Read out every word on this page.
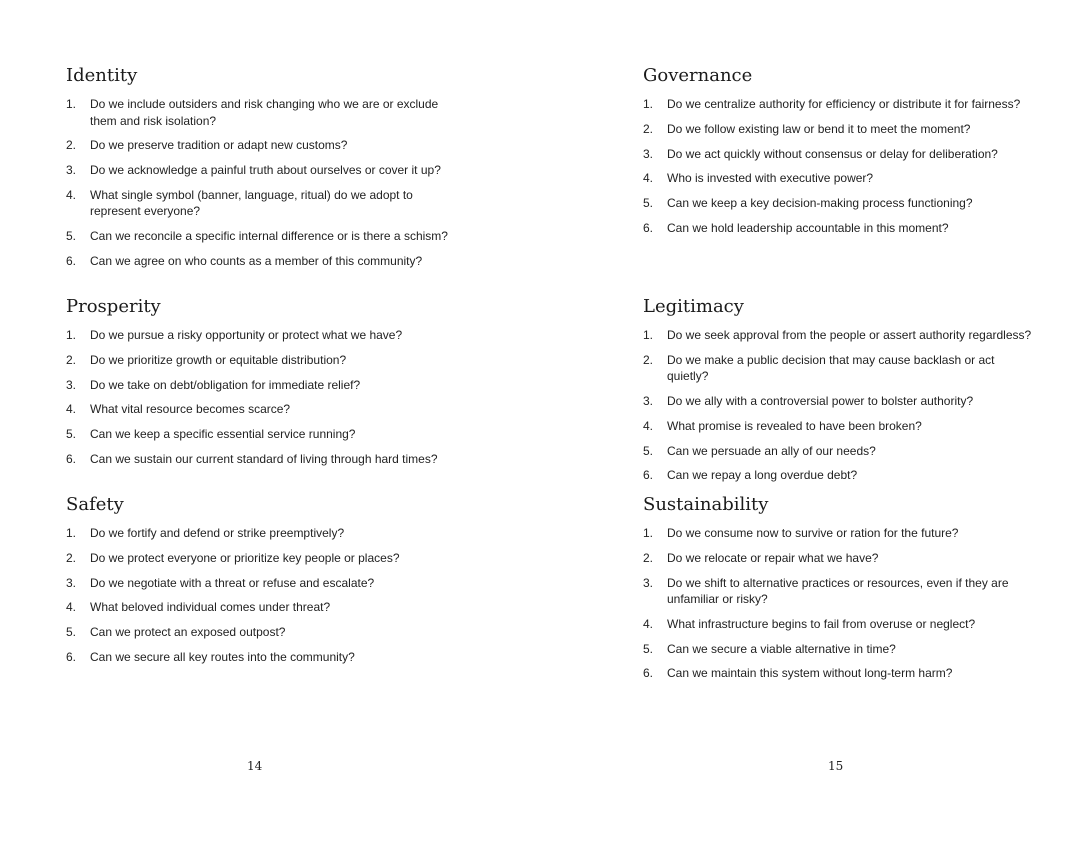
Identity
1.	Do we include outsiders and risk changing who we are or exclude them and risk isolation?
2.	Do we preserve tradition or adapt new customs?
3.	Do we acknowledge a painful truth about ourselves or cover it up?
4.	What single symbol (banner, language, ritual) do we adopt to represent everyone?
5.	Can we reconcile a specific internal difference or is there a schism?
6.	Can we agree on who counts as a member of this community?
Prosperity
1.	Do we pursue a risky opportunity or protect what we have?
2.	Do we prioritize growth or equitable distribution?
3.	Do we take on debt/obligation for immediate relief?
4.	What vital resource becomes scarce?
5.	Can we keep a specific essential service running?
6.	Can we sustain our current standard of living through hard times?
Safety
1.	Do we fortify and defend or strike preemptively?
2.	Do we protect everyone or prioritize key people or places?
3.	Do we negotiate with a threat or refuse and escalate?
4.	What beloved individual comes under threat?
5.	Can we protect an exposed outpost?
6.	Can we secure all key routes into the community?
Governance
1.	Do we centralize authority for efficiency or distribute it for fairness?
2.	Do we follow existing law or bend it to meet the moment?
3.	Do we act quickly without consensus or delay for deliberation?
4.	Who is invested with executive power?
5.	Can we keep a key decision-making process functioning?
6.	Can we hold leadership accountable in this moment?
Legitimacy
1.	Do we seek approval from the people or assert authority regardless?
2.	Do we make a public decision that may cause backlash or act quietly?
3.	Do we ally with a controversial power to bolster authority?
4.	What promise is revealed to have been broken?
5.	Can we persuade an ally of our needs?
6.	Can we repay a long overdue debt?
Sustainability
1.	Do we consume now to survive or ration for the future?
2.	Do we relocate or repair what we have?
3.	Do we shift to alternative practices or resources, even if they are unfamiliar or risky?
4.	What infrastructure begins to fail from overuse or neglect?
5.	Can we secure a viable alternative in time?
6.	Can we maintain this system without long-term harm?
14	15
